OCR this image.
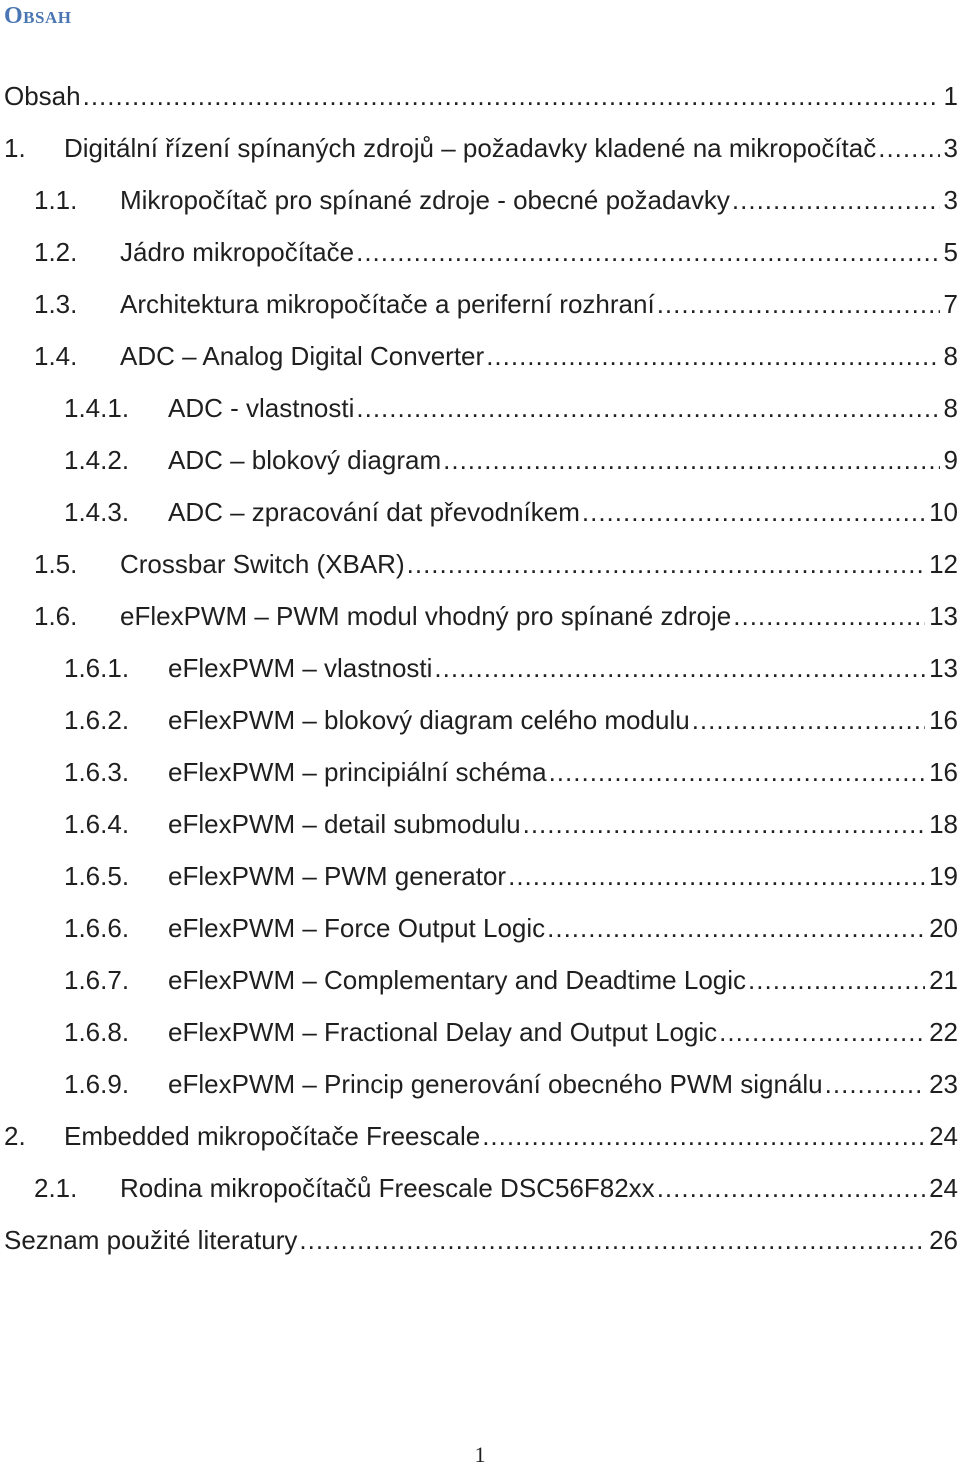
Obsah
Obsah .....	1
1. Digitální řízení spínaných zdrojů – požadavky kladené na mikropočítač .....	3
1.1. Mikropočítač pro spínané zdroje - obecné požadavky .....	3
1.2. Jádro mikropočítače .....	5
1.3. Architektura mikropočítače a periferní rozhraní .....	7
1.4. ADC – Analog Digital Converter .....	8
1.4.1. ADC - vlastnosti .....	8
1.4.2. ADC – blokový diagram .....	9
1.4.3. ADC – zpracování dat převodníkem .....	10
1.5. Crossbar Switch (XBAR) .....	12
1.6. eFlexPWM – PWM modul vhodný pro spínané zdroje .....	13
1.6.1. eFlexPWM – vlastnosti .....	13
1.6.2. eFlexPWM – blokový diagram celého modulu .....	16
1.6.3. eFlexPWM – principiální schéma .....	16
1.6.4. eFlexPWM – detail submodulu .....	18
1.6.5. eFlexPWM – PWM generator .....	19
1.6.6. eFlexPWM – Force Output Logic .....	20
1.6.7. eFlexPWM – Complementary and Deadtime Logic .....	21
1.6.8. eFlexPWM – Fractional Delay and Output Logic .....	22
1.6.9. eFlexPWM – Princip generování obecného PWM signálu .....	23
2. Embedded mikropočítače Freescale .....	24
2.1. Rodina mikropočítačů Freescale DSC56F82xx .....	24
Seznam použité literatury .....	26
1
